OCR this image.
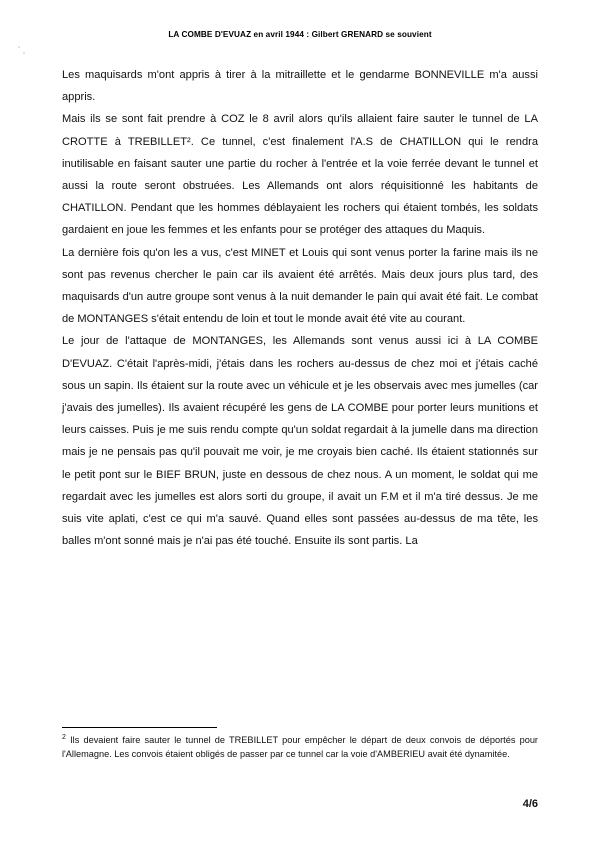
LA COMBE D'EVUAZ en avril 1944 : Gilbert GRENARD se souvient

Les maquisards m'ont appris à tirer à la mitraillette et le gendarme BONNEVILLE m'a aussi appris.

Mais ils se sont fait prendre à COZ le 8 avril alors qu'ils allaient faire sauter le tunnel de LA CROTTE à TREBILLET². Ce tunnel, c'est finalement l'A.S de CHATILLON qui le rendra inutilisable en faisant sauter une partie du rocher à l'entrée et la voie ferrée devant le tunnel et aussi la route seront obstruées. Les Allemands ont alors réquisitionné les habitants de CHATILLON. Pendant que les hommes déblayaient les rochers qui étaient tombés, les soldats gardaient en joue les femmes et les enfants pour se protéger des attaques du Maquis.

La dernière fois qu'on les a vus, c'est MINET et Louis qui sont venus porter la farine mais ils ne sont pas revenus chercher le pain car ils avaient été arrêtés. Mais deux jours plus tard, des maquisards d'un autre groupe sont venus à la nuit demander le pain qui avait été fait. Le combat de MONTANGES s'était entendu de loin et tout le monde avait été vite au courant.

Le jour de l'attaque de MONTANGES, les Allemands sont venus aussi ici à LA COMBE D'EVUAZ. C'était l'après-midi, j'étais dans les rochers au-dessus de chez moi et j'étais caché sous un sapin. Ils étaient sur la route avec un véhicule et je les observais avec mes jumelles (car j'avais des jumelles). Ils avaient récupéré les gens de LA COMBE pour porter leurs munitions et leurs caisses. Puis je me suis rendu compte qu'un soldat regardait à la jumelle dans ma direction mais je ne pensais pas qu'il pouvait me voir, je me croyais bien caché. Ils étaient stationnés sur le petit pont sur le BIEF BRUN, juste en dessous de chez nous. A un moment, le soldat qui me regardait avec les jumelles est alors sorti du groupe, il avait un F.M et il m'a tiré dessus. Je me suis vite aplati, c'est ce qui m'a sauvé. Quand elles sont passées au-dessus de ma tête, les balles m'ont sonné mais je n'ai pas été touché. Ensuite ils sont partis. La

$^2$ Ils devaient faire sauter le tunnel de TREBILLET pour empêcher le départ de deux convois de déportés pour l'Allemagne. Les convois étaient obligés de passer par ce tunnel car la voie d'AMBERIEU avait été dynamitée.
4/6
